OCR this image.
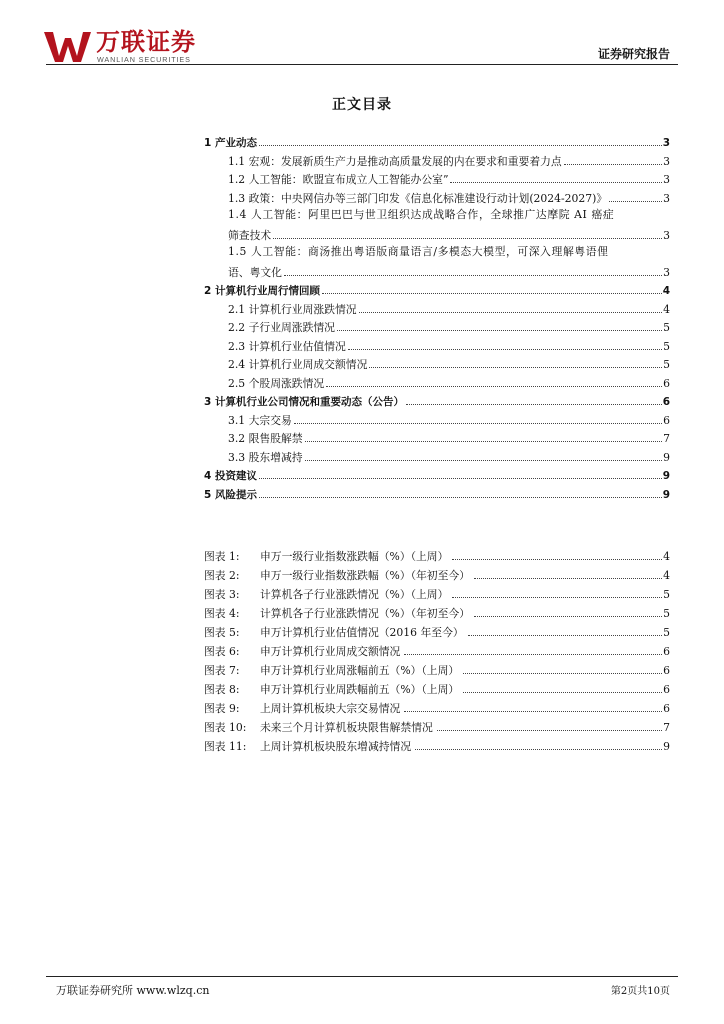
万联证券
WANLIAN SECURITIES	证券研究报告
正文目录
1 产业动态	3
1.1 宏观：发展新质生产力是推动高质量发展的内在要求和重要着力点	3
1.2 人工智能：欧盟宣布成立人工智能办公室”	3
1.3 政策：中央网信办等三部门印发《信息化标准建设行动计划(2024-2027)》	3
1.4 人工智能：阿里巴巴与世卫组织达成战略合作，全球推广达摩院 AI 癌症
筛查技术	3
1.5 人工智能：商汤推出粤语版商量语言/多模态大模型，可深入理解粤语俚
语、粤文化	3
2 计算机行业周行情回顾	4
2.1 计算机行业周涨跌情况	4
2.2 子行业周涨跌情况	5
2.3 计算机行业估值情况	5
2.4 计算机行业周成交额情况	5
2.5 个股周涨跌情况	6
3 计算机行业公司情况和重要动态（公告）	6
3.1 大宗交易	6
3.2 限售股解禁	7
3.3 股东增减持	9
4 投资建议	9
5 风险提示	9
图表 1:	申万一级行业指数涨跌幅（%）（上周）	4
图表 2:	申万一级行业指数涨跌幅（%）（年初至今）	4
图表 3:	计算机各子行业涨跌情况（%）（上周）	5
图表 4:	计算机各子行业涨跌情况（%）（年初至今）	5
图表 5:	申万计算机行业估值情况（2016 年至今）	5
图表 6:	申万计算机行业周成交额情况	6
图表 7:	申万计算机行业周涨幅前五（%）（上周）	6
图表 8:	申万计算机行业周跌幅前五（%）（上周）	6
图表 9:	上周计算机板块大宗交易情况	6
图表 10:	未来三个月计算机板块限售解禁情况	7
图表 11:	上周计算机板块股东增减持情况	9
万联证券研究所 www.wlzq.cn	第2页共10页
